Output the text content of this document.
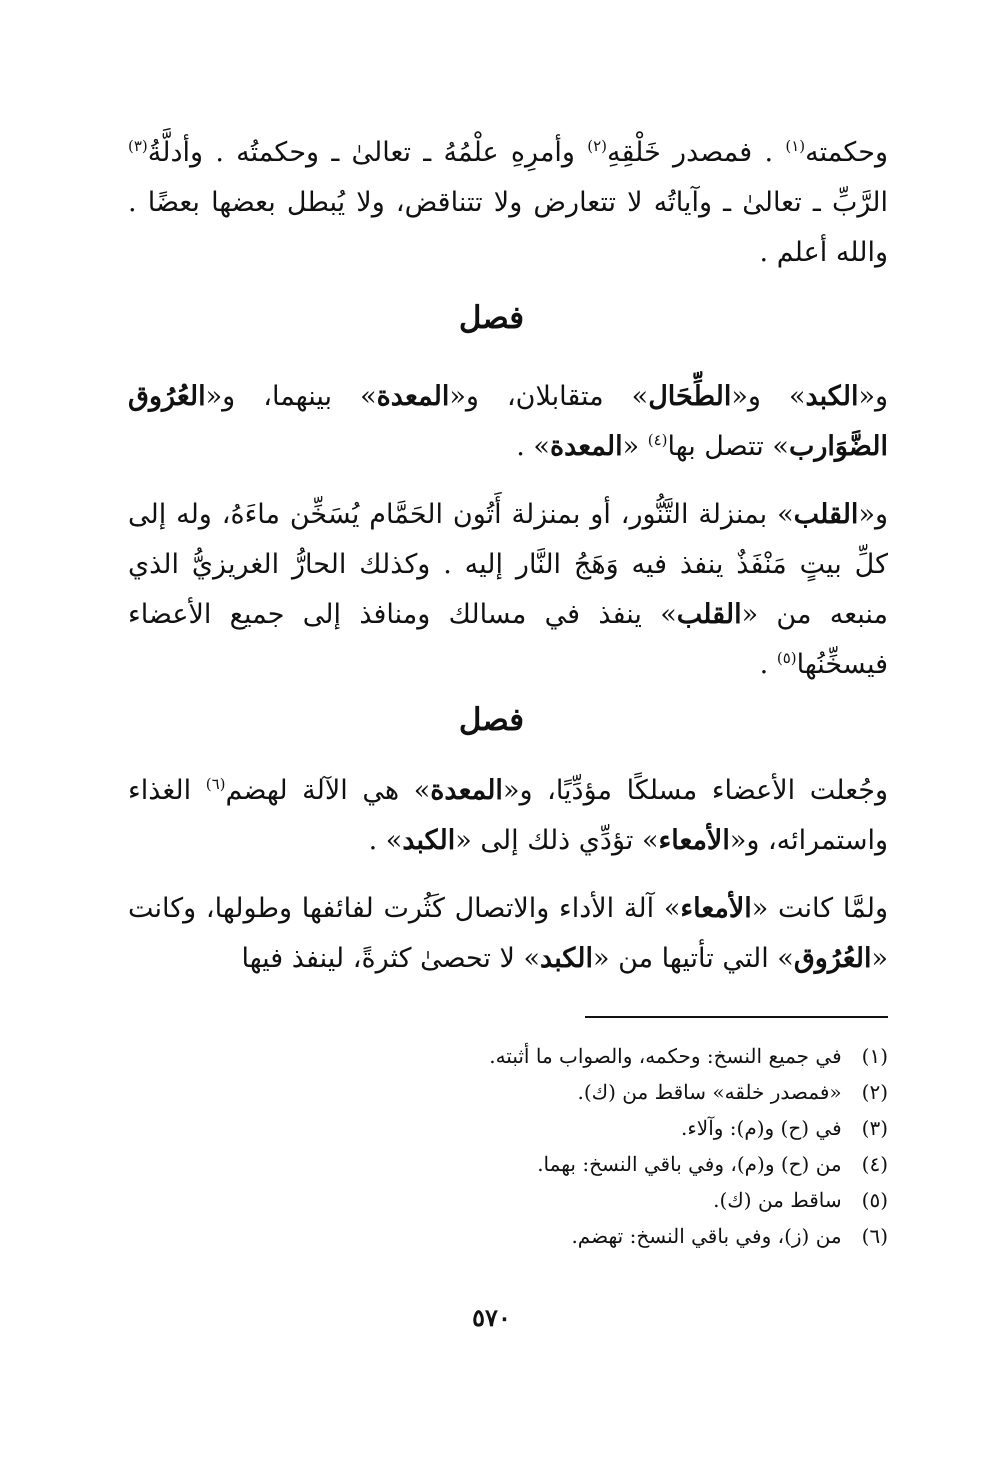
وحكمته$^{(١)}$ . فمصدر خَلْقِهِ$^{(٢)}$ وأمرِهِ علْمُهُ ـ تعالىٰ ـ وحكمتُه . وأدلَّةُ$^{(٣)}$ الرَّبِّ ـ تعالىٰ ـ وآياتُه لا تتعارض ولا تتناقض، ولا يُبطل بعضها بعضًا . والله أعلم .
فصل
و«الكبد» و«الطِّحَال» متقابلان، و«المعدة» بينهما، و«العُرُوق الضَّوَارب» تتصل بها$^{(٤)}$ «المعدة» .
و«القلب» بمنزلة التَّنُّور، أو بمنزلة أَتُون الحَمَّام يُسَخِّن ماءَهُ، وله إلى كلِّ بيتٍ مَنْفَذٌ ينفذ فيه وَهَجُ النَّار إليه . وكذلك الحارُّ الغريزيُّ الذي منبعه من «القلب» ينفذ في مسالك ومنافذ إلى جميع الأعضاء فيسخِّنُها$^{(٥)}$ .
فصل
وجُعلت الأعضاء مسلكًا مؤدِّيًا، و«المعدة» هي الآلة لهضم$^{(٦)}$ الغذاء واستمرائه، و«الأمعاء» تؤدِّي ذلك إلى «الكبد» .
ولمَّا كانت «الأمعاء» آلة الأداء والاتصال كَثُرت لفائفها وطولها، وكانت «العُرُوق» التي تأتيها من «الكبد» لا تحصىٰ كثرةً، لينفذ فيها
(١) في جميع النسخ: وحكمه، والصواب ما أثبته.
(٢) «فمصدر خلقه» ساقط من (ك).
(٣) في (ح) و(م): وآلاء.
(٤) من (ح) و(م)، وفي باقي النسخ: بهما.
(٥) ساقط من (ك).
(٦) من (ز)، وفي باقي النسخ: تهضم.
٥٧٠
